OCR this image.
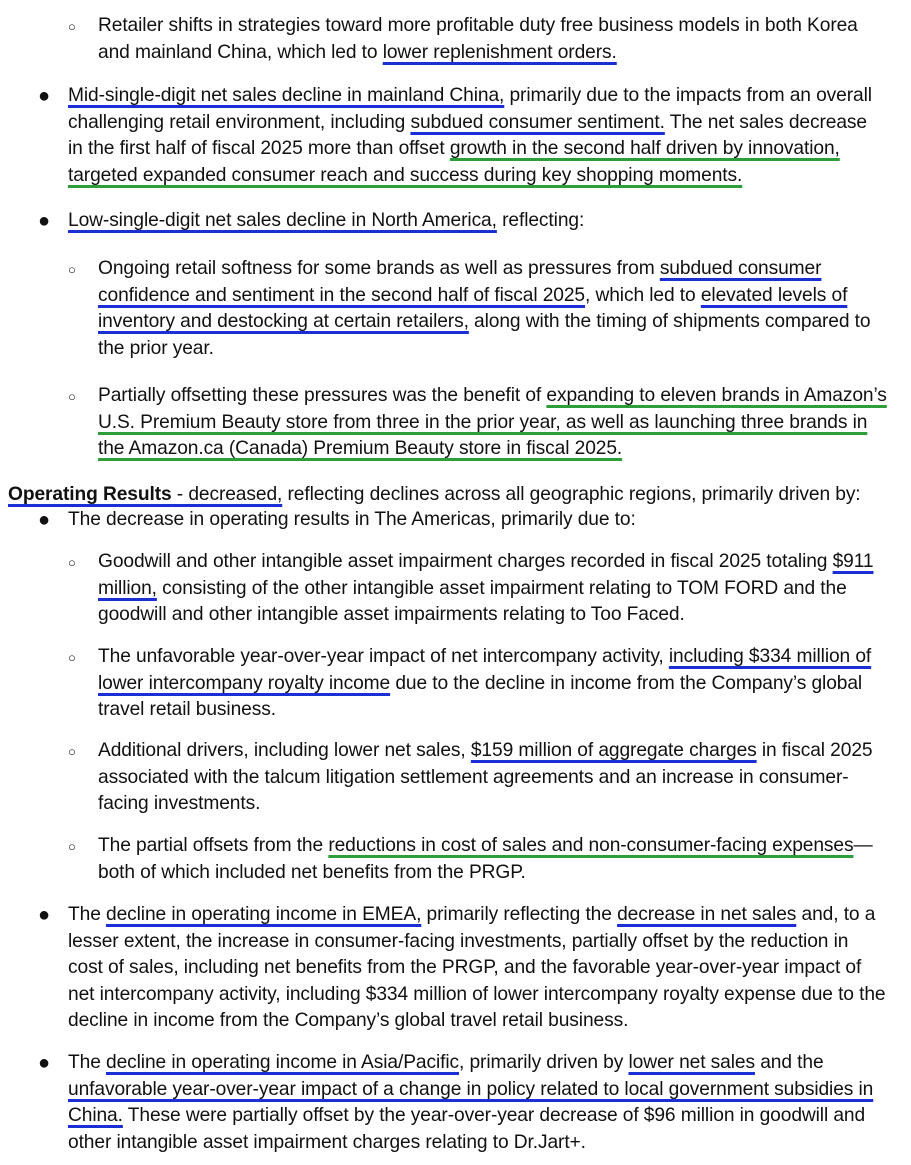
○ Retailer shifts in strategies toward more profitable duty free business models in both Korea and mainland China, which led to lower replenishment orders.
● Mid-single-digit net sales decline in mainland China, primarily due to the impacts from an overall challenging retail environment, including subdued consumer sentiment. The net sales decrease in the first half of fiscal 2025 more than offset growth in the second half driven by innovation, targeted expanded consumer reach and success during key shopping moments.
● Low-single-digit net sales decline in North America, reflecting:
○ Ongoing retail softness for some brands as well as pressures from subdued consumer confidence and sentiment in the second half of fiscal 2025, which led to elevated levels of inventory and destocking at certain retailers, along with the timing of shipments compared to the prior year.
○ Partially offsetting these pressures was the benefit of expanding to eleven brands in Amazon’s U.S. Premium Beauty store from three in the prior year, as well as launching three brands in the Amazon.ca (Canada) Premium Beauty store in fiscal 2025.
Operating Results - decreased, reflecting declines across all geographic regions, primarily driven by:
● The decrease in operating results in The Americas, primarily due to:
○ Goodwill and other intangible asset impairment charges recorded in fiscal 2025 totaling $911 million, consisting of the other intangible asset impairment relating to TOM FORD and the goodwill and other intangible asset impairments relating to Too Faced.
○ The unfavorable year-over-year impact of net intercompany activity, including $334 million of lower intercompany royalty income due to the decline in income from the Company’s global travel retail business.
○ Additional drivers, including lower net sales, $159 million of aggregate charges in fiscal 2025 associated with the talcum litigation settlement agreements and an increase in consumer-facing investments.
○ The partial offsets from the reductions in cost of sales and non-consumer-facing expenses—both of which included net benefits from the PRGP.
● The decline in operating income in EMEA, primarily reflecting the decrease in net sales and, to a lesser extent, the increase in consumer-facing investments, partially offset by the reduction in cost of sales, including net benefits from the PRGP, and the favorable year-over-year impact of net intercompany activity, including $334 million of lower intercompany royalty expense due to the decline in income from the Company’s global travel retail business.
● The decline in operating income in Asia/Pacific, primarily driven by lower net sales and the unfavorable year-over-year impact of a change in policy related to local government subsidies in China. These were partially offset by the year-over-year decrease of $96 million in goodwill and other intangible asset impairment charges relating to Dr.Jart+.
